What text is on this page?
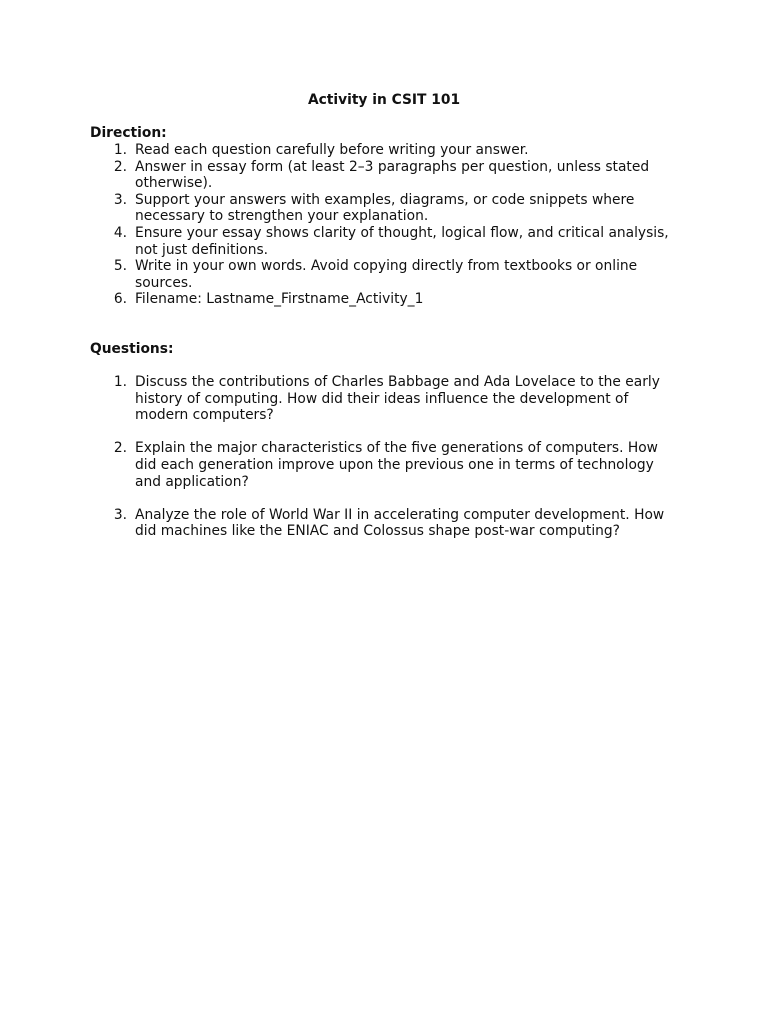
Activity in CSIT 101
Direction:
1. Read each question carefully before writing your answer.
2. Answer in essay form (at least 2–3 paragraphs per question, unless stated otherwise).
3. Support your answers with examples, diagrams, or code snippets where necessary to strengthen your explanation.
4. Ensure your essay shows clarity of thought, logical flow, and critical analysis, not just definitions.
5. Write in your own words. Avoid copying directly from textbooks or online sources.
6. Filename: Lastname_Firstname_Activity_1
Questions:
1. Discuss the contributions of Charles Babbage and Ada Lovelace to the early history of computing. How did their ideas influence the development of modern computers?
2. Explain the major characteristics of the five generations of computers. How did each generation improve upon the previous one in terms of technology and application?
3. Analyze the role of World War II in accelerating computer development. How did machines like the ENIAC and Colossus shape post-war computing?
